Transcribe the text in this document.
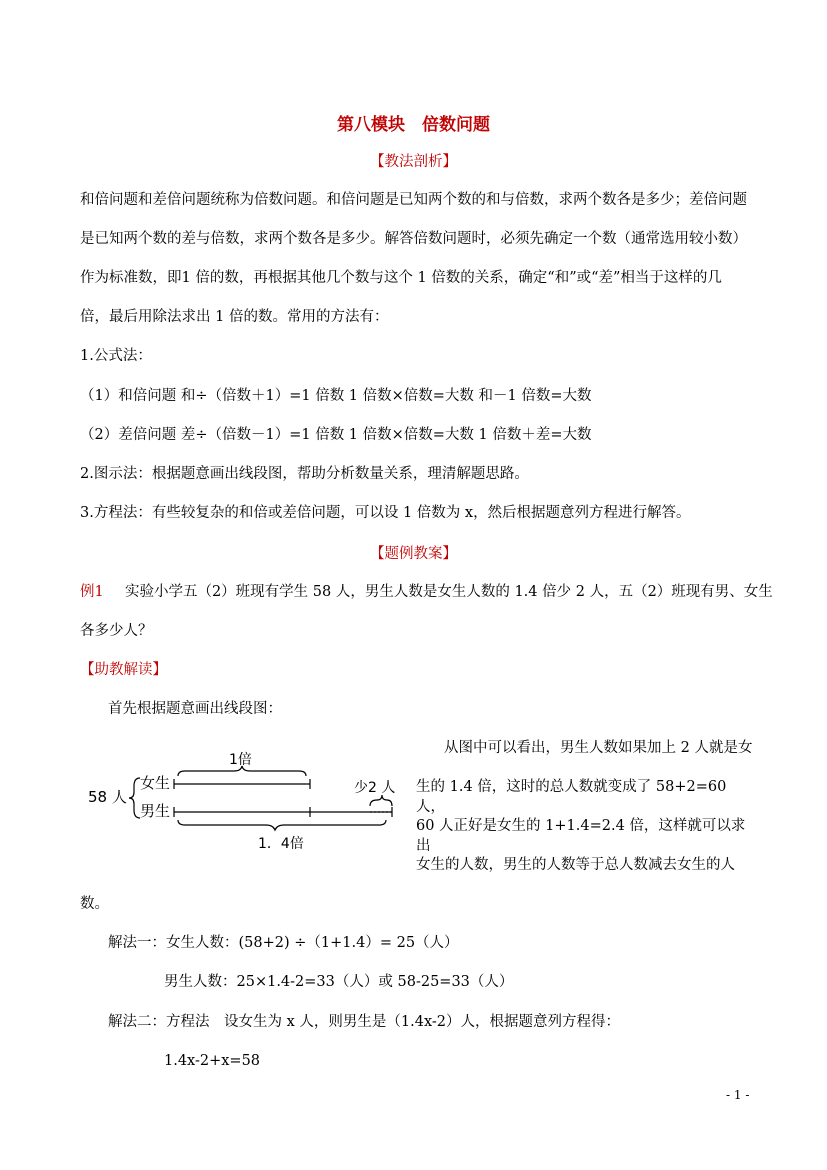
第八模块　倍数问题
【教法剖析】
和倍问题和差倍问题统称为倍数问题。和倍问题是已知两个数的和与倍数，求两个数各是多少；差倍问题
是已知两个数的差与倍数，求两个数各是多少。解答倍数问题时，必须先确定一个数（通常选用较小数）
作为标准数，即1 倍的数，再根据其他几个数与这个 1 倍数的关系，确定“和”或“差”相当于这样的几
倍，最后用除法求出 1 倍的数。常用的方法有：
1.公式法：
（1）和倍问题 和÷（倍数＋1）=1 倍数 1 倍数×倍数=大数 和－1 倍数=大数
（2）差倍问题 差÷（倍数－1）=1 倍数 1 倍数×倍数=大数 1 倍数＋差=大数
2.图示法：根据题意画出线段图，帮助分析数量关系，理清解题思路。
3.方程法：有些较复杂的和倍或差倍问题，可以设 1 倍数为 x，然后根据题意列方程进行解答。
【题例教案】
例1 实验小学五（2）班现有学生 58 人，男生人数是女生人数的 1.4 倍少 2 人，五（2）班现有男、女生
各多少人？
【助教解读】
首先根据题意画出线段图：
58 人
女生
男生
1倍
少2 人
1．4倍
从图中可以看出，男生人数如果加上 2 人就是女
生的 1.4 倍，这时的总人数就变成了 58+2=60 人，
60 人正好是女生的 1+1.4=2.4 倍，这样就可以求出
女生的人数，男生的人数等于总人数减去女生的人
数。
解法一：女生人数：(58+2) ÷（1+1.4）= 25（人）
男生人数：25×1.4-2=33（人）或 58-25=33（人）
解法二：方程法　设女生为 x 人，则男生是（1.4x-2）人，根据题意列方程得：
1.4x-2+x=58
- 1 -
